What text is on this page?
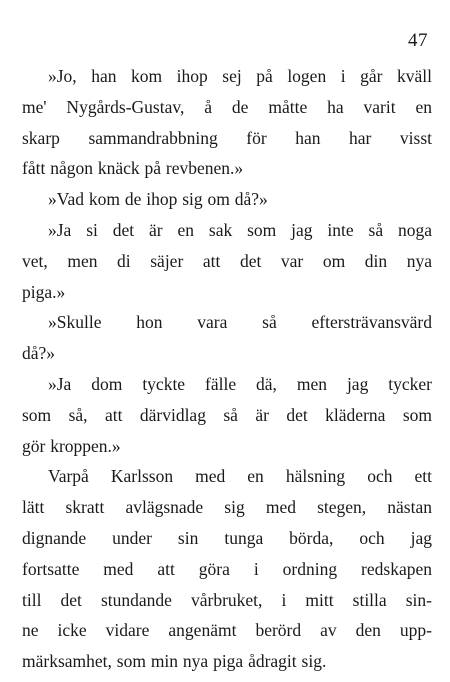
47

»Jo, han kom ihop sej på logen i går kväll
me' Nygårds-Gustav, å de måtte ha varit en
skarp sammandrabbning för han har visst
fått någon knäck på revbenen.»

»Vad kom de ihop sig om då?»

»Ja si det är en sak som jag inte så noga
vet, men di säjer att det var om din nya
piga.»

»Skulle hon vara så eftersträvansvärd
då?»

»Ja dom tyckte fälle dä, men jag tycker
som så, att därvidlag så är det kläderna som
gör kroppen.»

Varpå Karlsson med en hälsning och ett
lätt skratt avlägsnade sig med stegen, nästan
dignande under sin tunga börda, och jag
fortsatte med att göra i ordning redskapen
till det stundande vårbruket, i mitt stilla sin-
ne icke vidare angenämt berörd av den upp-
märksamhet, som min nya piga ådragit sig.
